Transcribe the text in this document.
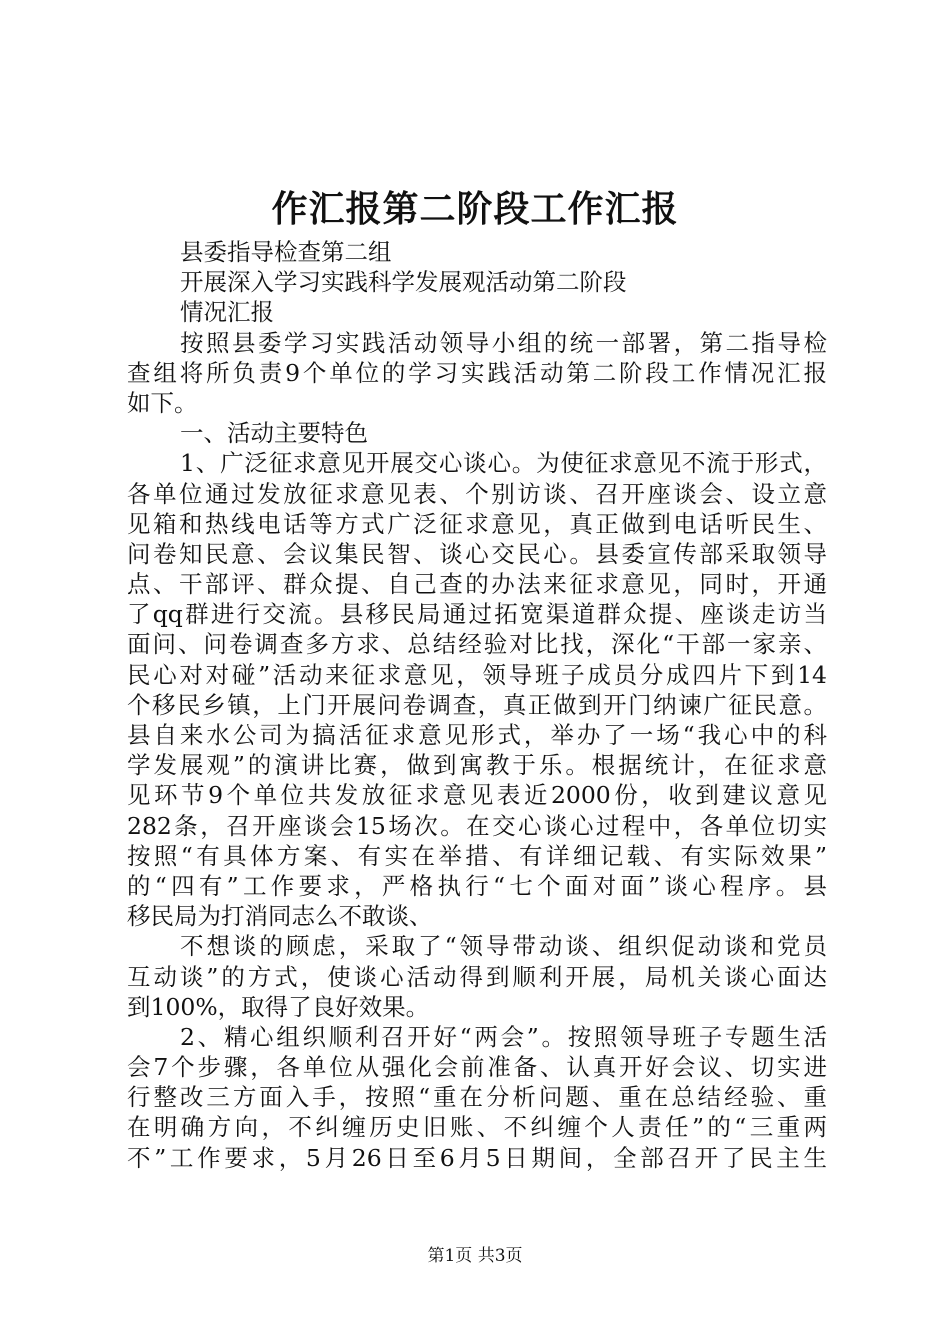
作汇报第二阶段工作汇报
县委指导检查第二组
开展深入学习实践科学发展观活动第二阶段
情况汇报
按照县委学习实践活动领导小组的统一部署，第二指导检
查组将所负责9个单位的学习实践活动第二阶段工作情况汇报
如下。
一、活动主要特色
1、广泛征求意见开展交心谈心。为使征求意见不流于形式，
各单位通过发放征求意见表、个别访谈、召开座谈会、设立意
见箱和热线电话等方式广泛征求意见，真正做到电话听民生、
问卷知民意、会议集民智、谈心交民心。县委宣传部采取领导
点、干部评、群众提、自己查的办法来征求意见，同时，开通
了qq群进行交流。县移民局通过拓宽渠道群众提、座谈走访当
面问、问卷调查多方求、总结经验对比找，深化“干部一家亲、
民心对对碰”活动来征求意见，领导班子成员分成四片下到14
个移民乡镇，上门开展问卷调查，真正做到开门纳谏广征民意。
县自来水公司为搞活征求意见形式，举办了一场“我心中的科
学发展观”的演讲比赛，做到寓教于乐。根据统计，在征求意
见环节9个单位共发放征求意见表近2000份，收到建议意见
282条，召开座谈会15场次。在交心谈心过程中，各单位切实
按照“有具体方案、有实在举措、有详细记载、有实际效果”
的“四有”工作要求，严格执行“七个面对面”谈心程序。县
移民局为打消同志么不敢谈、
不想谈的顾虑，采取了“领导带动谈、组织促动谈和党员
互动谈”的方式，使谈心活动得到顺利开展，局机关谈心面达
到100%，取得了良好效果。
2、精心组织顺利召开好“两会”。按照领导班子专题生活
会7个步骤，各单位从强化会前准备、认真开好会议、切实进
行整改三方面入手，按照“重在分析问题、重在总结经验、重
在明确方向，不纠缠历史旧账、不纠缠个人责任”的“三重两
不”工作要求，5月26日至6月5日期间，全部召开了民主生
第1页 共3页
